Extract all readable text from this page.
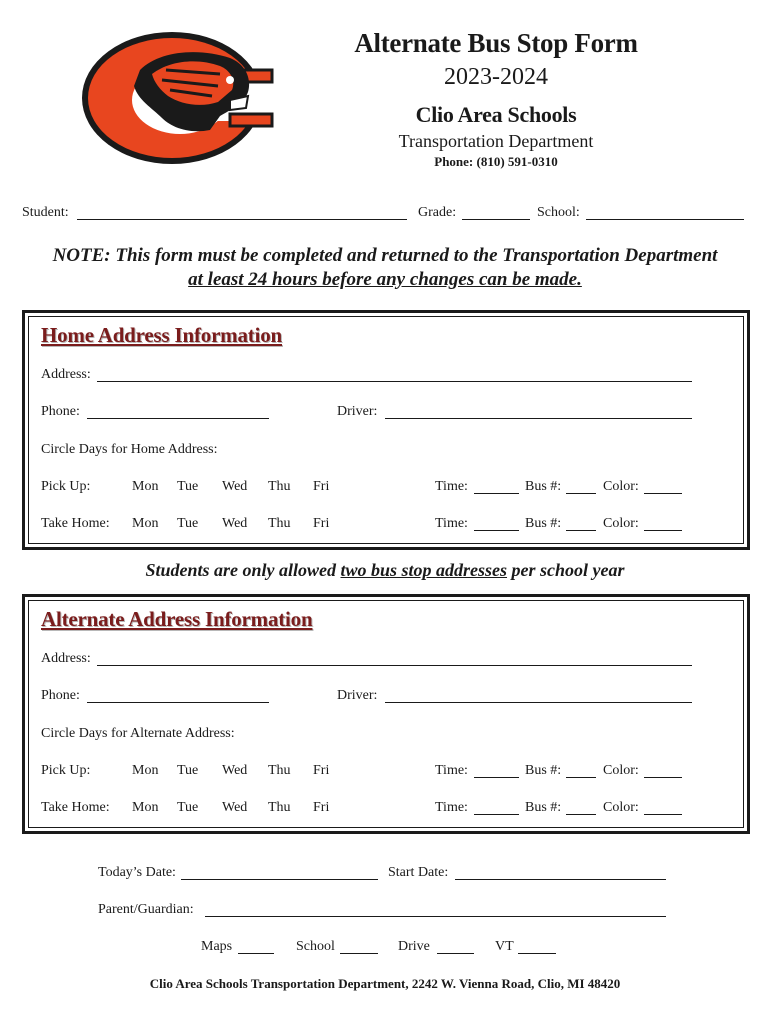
Alternate Bus Stop Form
2023-2024
Clio Area Schools
Transportation Department
Phone: (810) 591-0310
Student:	Grade:	School:
NOTE: This form must be completed and returned to the Transportation Department
at least 24 hours before any changes can be made.
Home Address Information
Address:
Phone:	Driver:
Circle Days for Home Address:
Pick Up:	Mon Tue Wed Thu Fri	Time:	Bus #:	Color:
Take Home: Mon Tue Wed Thu Fri	Time:	Bus #:	Color:
Students are only allowed two bus stop addresses per school year
Alternate Address Information
Address:
Phone:	Driver:
Circle Days for Alternate Address:
Pick Up:	Mon Tue Wed Thu Fri	Time:	Bus #:	Color:
Take Home: Mon Tue Wed Thu Fri	Time:	Bus #:	Color:
Today’s Date:	Start Date:
Parent/Guardian:
Maps	School	Drive	VT
Clio Area Schools Transportation Department, 2242 W. Vienna Road, Clio, MI 48420
